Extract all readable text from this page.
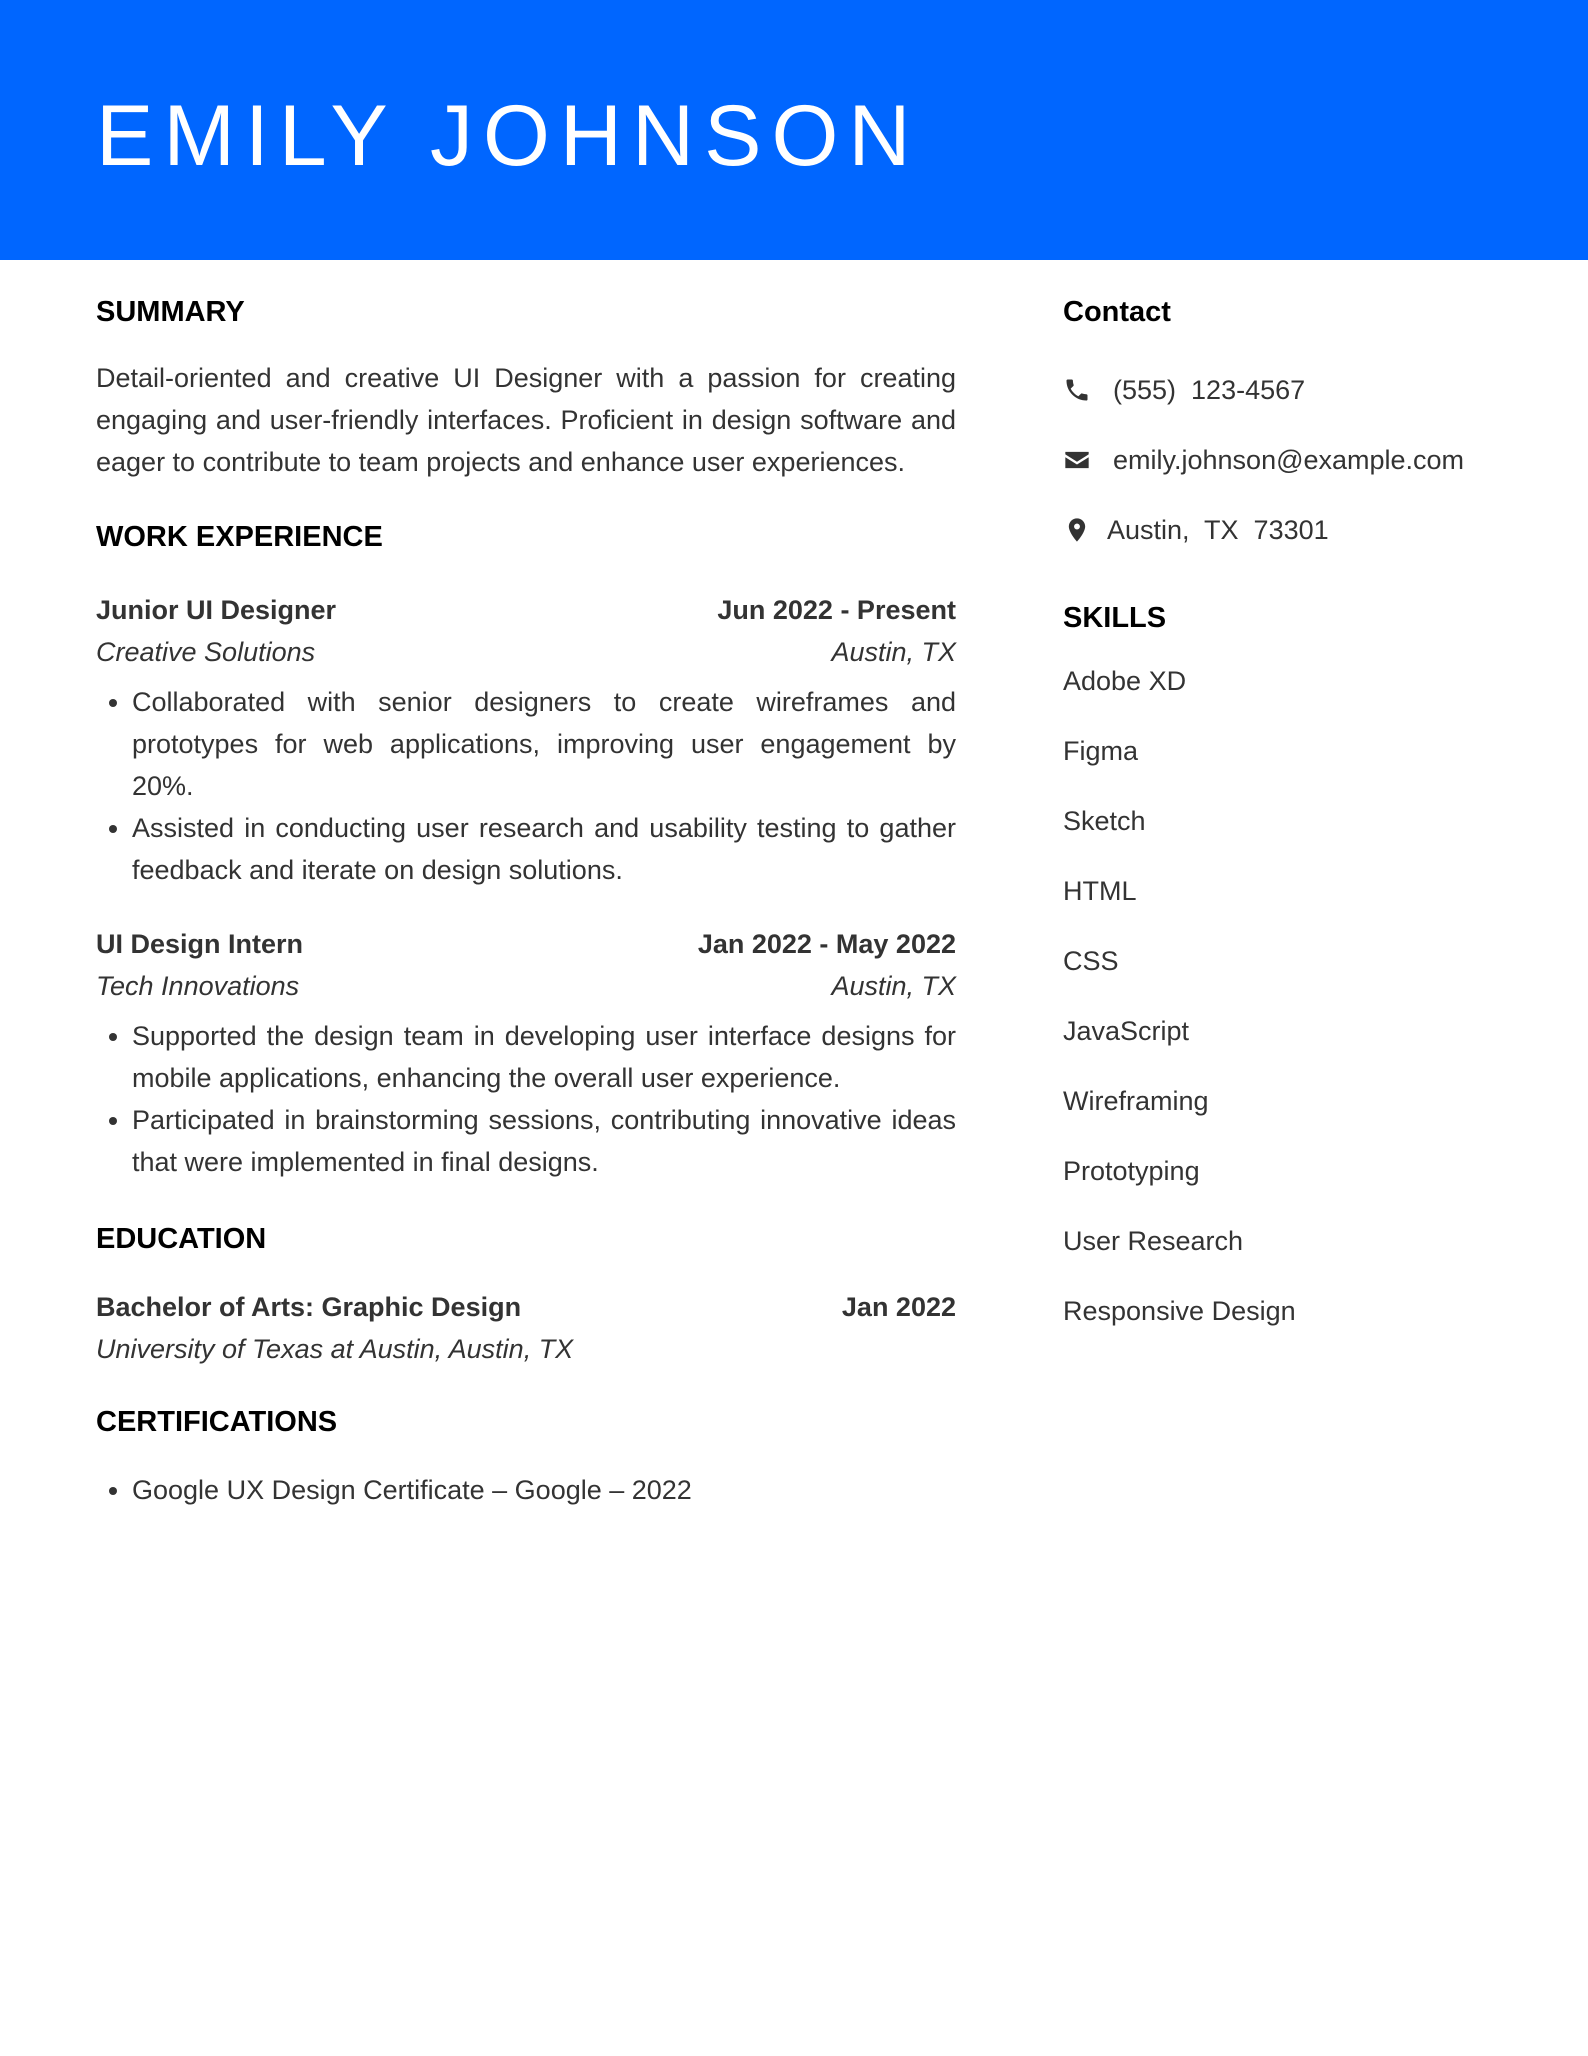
EMILY JOHNSON
SUMMARY

Detail-oriented and creative UI Designer with a passion for creating engaging and user-friendly interfaces. Proficient in design software and eager to contribute to team projects and enhance user experiences.

WORK EXPERIENCE
Junior UI Designer	Jun 2022 - Present
Creative Solutions	Austin, TX
• Collaborated with senior designers to create wireframes and prototypes for web applications, improving user engagement by 20%.
• Assisted in conducting user research and usability testing to gather feedback and iterate on design solutions.
UI Design Intern	Jan 2022 - May 2022
Tech Innovations	Austin, TX
• Supported the design team in developing user interface designs for mobile applications, enhancing the overall user experience.
• Participated in brainstorming sessions, contributing innovative ideas that were implemented in final designs.
EDUCATION
Bachelor of Arts: Graphic Design	Jan 2022
University of Texas at Austin, Austin, TX
CERTIFICATIONS
• Google UX Design Certificate – Google – 2022
Contact
(555)  123-4567
emily.johnson@example.com
Austin,  TX  73301
SKILLS
Adobe XD
Figma
Sketch
HTML
CSS
JavaScript
Wireframing
Prototyping
User Research
Responsive Design
